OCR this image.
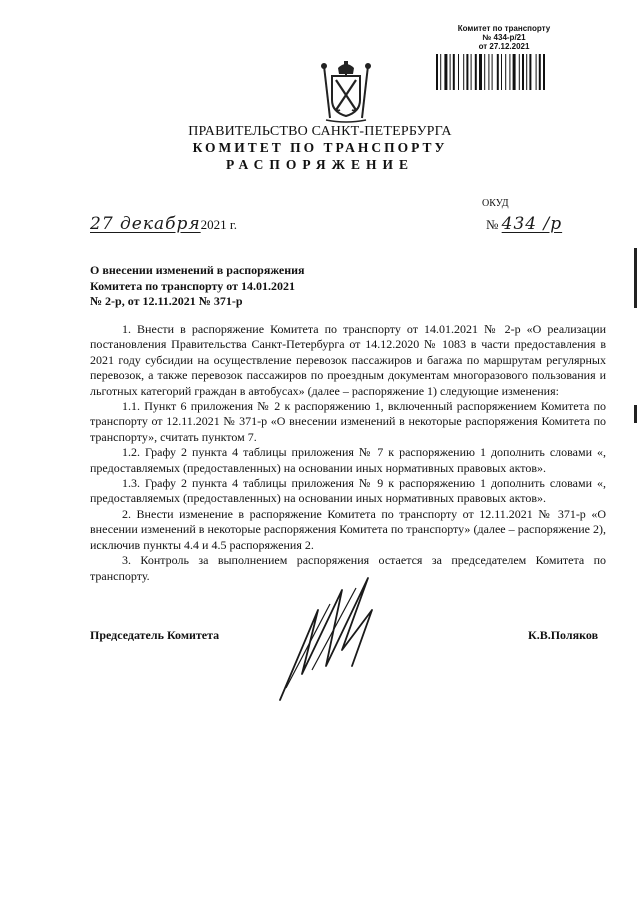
Комитет по транспорту
№ 434-р/21
от 27.12.2021
ПРАВИТЕЛЬСТВО САНКТ-ПЕТЕРБУРГА
КОМИТЕТ ПО ТРАНСПОРТУ
РАСПОРЯЖЕНИЕ
ОКУД
27 декабря2021 г.	№ 434 /р
О внесении изменений в распоряжения
Комитета по транспорту от 14.01.2021
№ 2-р, от 12.11.2021 № 371-р

1. Внести в распоряжение Комитета по транспорту от 14.01.2021 № 2-р «О реализации постановления Правительства Санкт-Петербурга от 14.12.2020 № 1083 в части предоставления в 2021 году субсидии на осуществление перевозок пассажиров и багажа по маршрутам регулярных перевозок, а также перевозок пассажиров по проездным документам многоразового пользования и льготных категорий граждан в автобусах» (далее – распоряжение 1) следующие изменения:

1.1. Пункт 6 приложения № 2 к распоряжению 1, включенный распоряжением Комитета по транспорту от 12.11.2021 № 371-р «О внесении изменений в некоторые распоряжения Комитета по транспорту», считать пунктом 7.

1.2. Графу 2 пункта 4 таблицы приложения № 7 к распоряжению 1 дополнить словами «, предоставляемых (предоставленных) на основании иных нормативных правовых актов».

1.3. Графу 2 пункта 4 таблицы приложения № 9 к распоряжению 1 дополнить словами «, предоставляемых (предоставленных) на основании иных нормативных правовых актов».

2. Внести изменение в распоряжение Комитета по транспорту от 12.11.2021 № 371-р «О внесении изменений в некоторые распоряжения Комитета по транспорту» (далее – распоряжение 2), исключив пункты 4.4 и 4.5 распоряжения 2.

3. Контроль за выполнением распоряжения остается за председателем Комитета по транспорту.

Председатель Комитета	К.В.Поляков
